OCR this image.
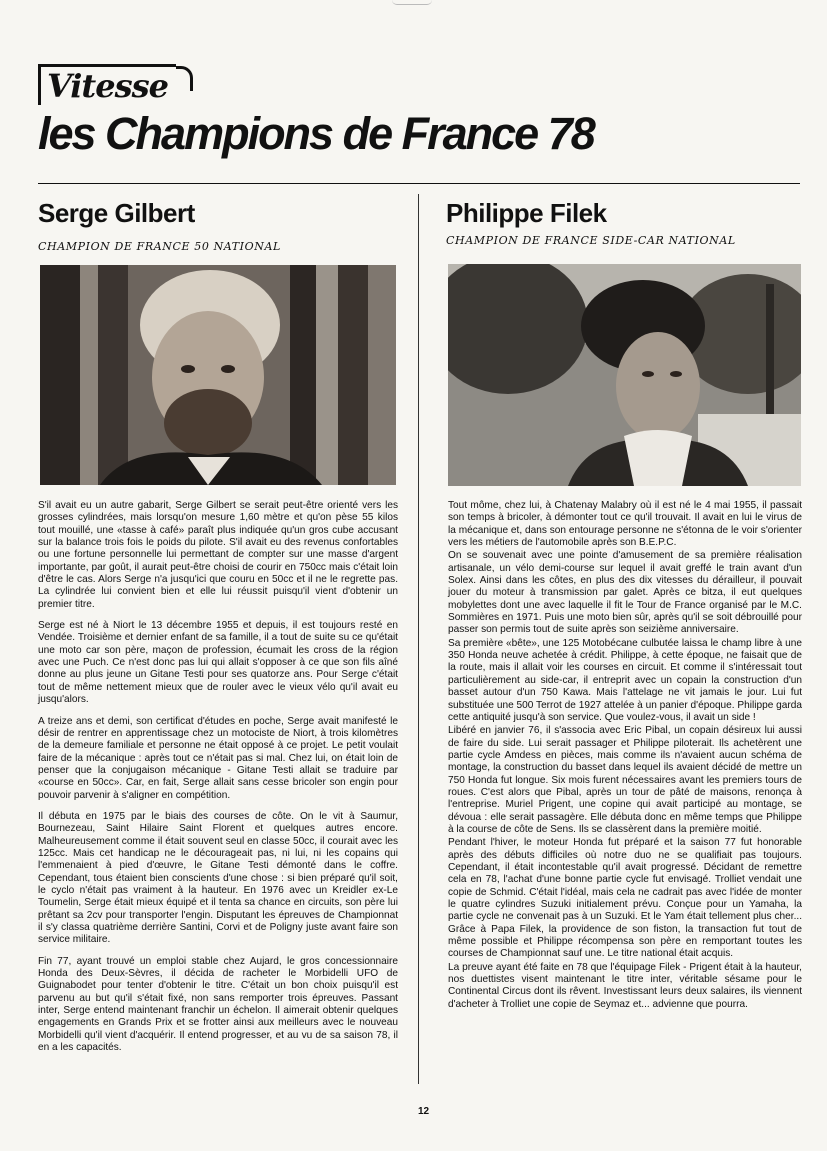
Vitesse
les Champions de France 78
Serge Gilbert
CHAMPION DE FRANCE 50 NATIONAL

S'il avait eu un autre gabarit, Serge Gilbert se serait peut-être orienté vers les grosses cylindrées, mais lorsqu'on mesure 1,60 mètre et qu'on pèse 55 kilos tout mouillé, une «tasse à café» paraît plus indiquée qu'un gros cube accusant sur la balance trois fois le poids du pilote. S'il avait eu des revenus confortables ou une fortune personnelle lui permettant de compter sur une masse d'argent importante, par goût, il aurait peut-être choisi de courir en 750cc mais c'était loin d'être le cas. Alors Serge n'a jusqu'ici que couru en 50cc et il ne le regrette pas. La cylindrée lui convient bien et elle lui réussit puisqu'il vient d'obtenir un premier titre.

Serge est né à Niort le 13 décembre 1955 et depuis, il est toujours resté en Vendée. Troisième et dernier enfant de sa famille, il a tout de suite su ce qu'était une moto car son père, maçon de profession, écumait les cross de la région avec une Puch. Ce n'est donc pas lui qui allait s'opposer à ce que son fils aîné donne au plus jeune un Gitane Testi pour ses quatorze ans. Pour Serge c'était tout de même nettement mieux que de rouler avec le vieux vélo qu'il avait eu jusqu'alors.

A treize ans et demi, son certificat d'études en poche, Serge avait manifesté le désir de rentrer en apprentissage chez un motociste de Niort, à trois kilomètres de la demeure familiale et personne ne était opposé à ce projet. Le petit voulait faire de la mécanique : après tout ce n'était pas si mal. Chez lui, on était loin de penser que la conjugaison mécanique - Gitane Testi allait se traduire par «course en 50cc». Car, en fait, Serge allait sans cesse bricoler son engin pour pouvoir parvenir à s'aligner en compétition.

Il débuta en 1975 par le biais des courses de côte. On le vit à Saumur, Bournezeau, Saint Hilaire Saint Florent et quelques autres encore. Malheureusement comme il était souvent seul en classe 50cc, il courait avec les 125cc. Mais cet handicap ne le décourageait pas, ni lui, ni les copains qui l'emmenaient à pied d'œuvre, le Gitane Testi démonté dans le coffre. Cependant, tous étaient bien conscients d'une chose : si bien préparé qu'il soit, le cyclo n'était pas vraiment à la hauteur. En 1976 avec un Kreidler ex-Le Toumelin, Serge était mieux équipé et il tenta sa chance en circuits, son père lui prêtant sa 2cv pour transporter l'engin. Disputant les épreuves de Championnat il s'y classa quatrième derrière Santini, Corvi et de Poligny juste avant faire son service militaire.

Fin 77, ayant trouvé un emploi stable chez Aujard, le gros concessionnaire Honda des Deux-Sèvres, il décida de racheter le Morbidelli UFO de Guignabodet pour tenter d'obtenir le titre. C'était un bon choix puisqu'il est parvenu au but qu'il s'était fixé, non sans remporter trois épreuves. Passant inter, Serge entend maintenant franchir un échelon. Il aimerait obtenir quelques engagements en Grands Prix et se frotter ainsi aux meilleurs avec le nouveau Morbidelli qu'il vient d'acquérir. Il entend progresser, et au vu de sa saison 78, il en a les capacités.

Philippe Filek
CHAMPION DE FRANCE SIDE-CAR NATIONAL

Tout môme, chez lui, à Chatenay Malabry où il est né le 4 mai 1955, il passait son temps à bricoler, à démonter tout ce qu'il trouvait. Il avait en lui le virus de la mécanique et, dans son entourage personne ne s'étonna de le voir s'orienter vers les métiers de l'automobile après son B.E.P.C.

On se souvenait avec une pointe d'amusement de sa première réalisation artisanale, un vélo demi-course sur lequel il avait greffé le train avant d'un Solex. Ainsi dans les côtes, en plus des dix vitesses du dérailleur, il pouvait jouer du moteur à transmission par galet. Après ce bitza, il eut quelques mobylettes dont une avec laquelle il fit le Tour de France organisé par le M.C. Sommières en 1971. Puis une moto bien sûr, après qu'il se soit débrouillé pour passer son permis tout de suite après son seizième anniversaire.

Sa première «bête», une 125 Motobécane culbutée laissa le champ libre à une 350 Honda neuve achetée à crédit. Philippe, à cette époque, ne faisait que de la route, mais il allait voir les courses en circuit. Et comme il s'intéressait tout particulièrement au side-car, il entreprit avec un copain la construction d'un basset autour d'un 750 Kawa. Mais l'attelage ne vit jamais le jour. Lui fut substituée une 500 Terrot de 1927 attelée à un panier d'époque. Philippe garda cette antiquité jusqu'à son service. Que voulez-vous, il avait un side !

Libéré en janvier 76, il s'associa avec Eric Pibal, un copain désireux lui aussi de faire du side. Lui serait passager et Philippe piloterait. Ils achetèrent une partie cycle Amdess en pièces, mais comme ils n'avaient aucun schéma de montage, la construction du basset dans lequel ils avaient décidé de mettre un 750 Honda fut longue. Six mois furent nécessaires avant les premiers tours de roues. C'est alors que Pibal, après un tour de pâté de maisons, renonça à l'entreprise. Muriel Prigent, une copine qui avait participé au montage, se dévoua : elle serait passagère. Elle débuta donc en même temps que Philippe à la course de côte de Sens. Ils se classèrent dans la première moitié.

Pendant l'hiver, le moteur Honda fut préparé et la saison 77 fut honorable après des débuts difficiles où notre duo ne se qualifiait pas toujours. Cependant, il était incontestable qu'il avait progressé. Décidant de remettre cela en 78, l'achat d'une bonne partie cycle fut envisagé. Trolliet vendait une copie de Schmid. C'était l'idéal, mais cela ne cadrait pas avec l'idée de monter le quatre cylindres Suzuki initialement prévu. Conçue pour un Yamaha, la partie cycle ne convenait pas à un Suzuki. Et le Yam était tellement plus cher... Grâce à Papa Filek, la providence de son fiston, la transaction fut tout de même possible et Philippe récompensa son père en remportant toutes les courses de Championnat sauf une. Le titre national était acquis.

La preuve ayant été faite en 78 que l'équipage Filek - Prigent était à la hauteur, nos duettistes visent maintenant le titre inter, véritable sésame pour le Continental Circus dont ils rêvent. Investissant leurs deux salaires, ils viennent d'acheter à Trolliet une copie de Seymaz et... advienne que pourra.

12
